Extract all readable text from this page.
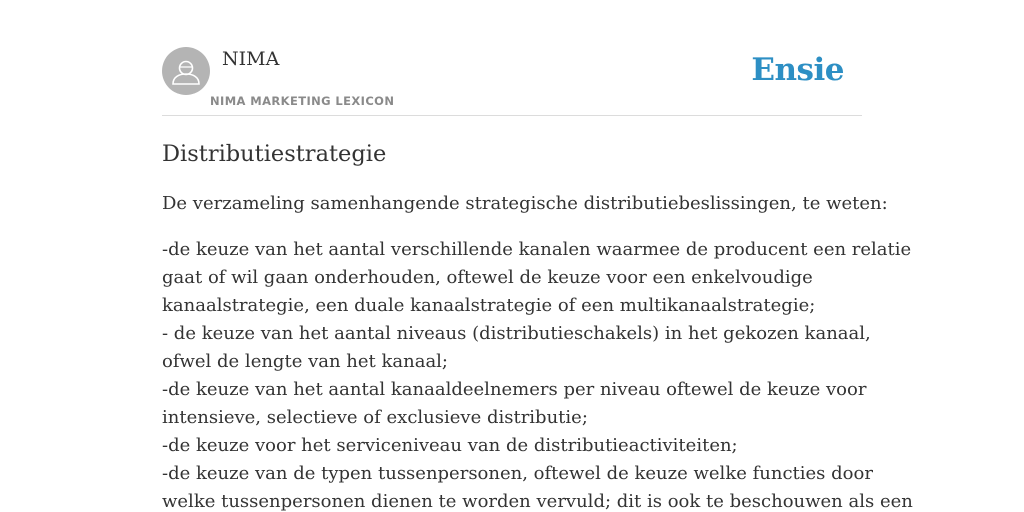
NIMA
NIMA MARKETING LEXICON
Ensie
Distributiestrategie

De verzameling samenhangende strategische distributiebeslissingen, te weten:

-de keuze van het aantal verschillende kanalen waarmee de producent een relatie
gaat of wil gaan onderhouden, oftewel de keuze voor een enkelvoudige
kanaalstrategie, een duale kanaalstrategie of een multikanaalstrategie;
- de keuze van het aantal niveaus (distributieschakels) in het gekozen kanaal,
ofwel de lengte van het kanaal;
-de keuze van het aantal kanaaldeelnemers per niveau oftewel de keuze voor
intensieve, selectieve of exclusieve distributie;
-de keuze voor het serviceniveau van de distributieactiviteiten;
-de keuze van de typen tussenpersonen, oftewel de keuze welke functies door
welke tussenpersonen dienen te worden vervuld; dit is ook te beschouwen als een
